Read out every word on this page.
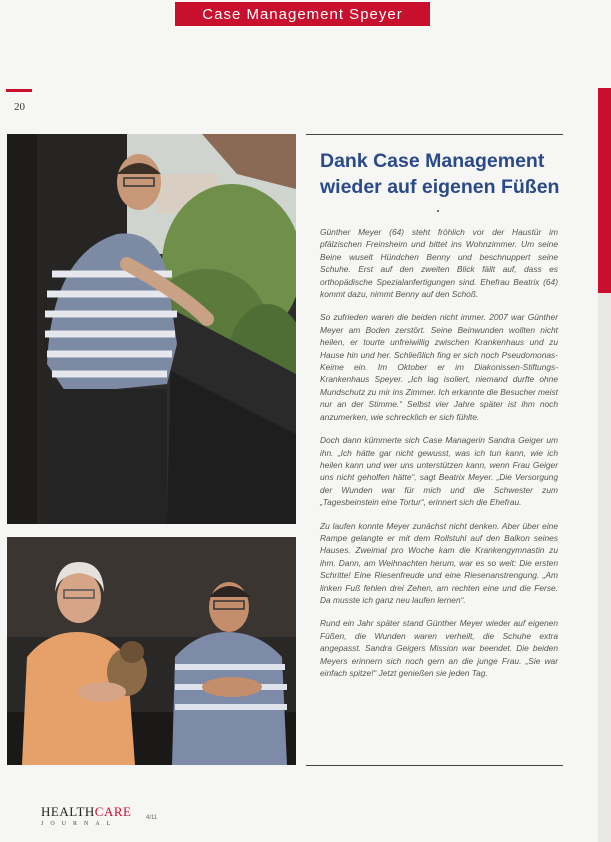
Case Management Speyer
20
Dank Case Management
wieder auf eigenen Füßen

Günther Meyer (64) steht fröhlich vor der Haustür im pfälzischen Freinsheim und bittet ins Wohnzimmer. Um seine Beine wuselt Hündchen Benny und beschnuppert seine Schuhe. Erst auf den zweiten Blick fällt auf, dass es orthopädische Spezialanfertigungen sind. Ehefrau Beatrix (64) kommt dazu, nimmt Benny auf den Schoß.

So zufrieden waren die beiden nicht immer. 2007 war Günther Meyer am Boden zerstört. Seine Beinwunden wollten nicht heilen, er tourte unfreiwillig zwischen Krankenhaus und zu Hause hin und her. Schließlich fing er sich noch Pseudomonas-Keime ein. Im Oktober er im Diakonissen-Stiftungs-Krankenhaus Speyer. „Ich lag isoliert, niemand durfte ohne Mundschutz zu mir ins Zimmer. Ich erkannte die Besucher meist nur an der Stimme.“ Selbst vier Jahre später ist ihm noch anzumerken, wie schrecklich er sich fühlte.

Doch dann kümmerte sich Case Managerin Sandra Geiger um ihn. „Ich hätte gar nicht gewusst, was ich tun kann, wie ich heilen kann und wer uns unterstützen kann, wenn Frau Geiger uns nicht geholfen hätte“, sagt Beatrix Meyer. „Die Versorgung der Wunden war für mich und die Schwester zum „Tagesbeinstein eine Tortur“, erinnert sich die Ehefrau.

Zu laufen konnte Meyer zunächst nicht denken. Aber über eine Rampe gelangte er mit dem Rollstuhl auf den Balkon seines Hauses. Zweimal pro Woche kam die Krankengymnastin zu ihm. Dann, am Weihnachten herum, war es so weit: Die ersten Schritte! Eine Riesenfreude und eine Riesenanstrengung. „Am linken Fuß fehlen drei Zehen, am rechten eine und die Ferse. Da musste ich ganz neu laufen lernen“.

Rund ein Jahr später stand Günther Meyer wieder auf eigenen Füßen, die Wunden waren verheilt, die Schuhe extra angepasst. Sandra Geigers Mission war beendet. Die beiden Meyers erinnern sich noch gern an die junge Frau. „Sie war einfach spitze!“ Jetzt genießen sie jeden Tag.

HEALTHCARE
JOURNAL
4/11
